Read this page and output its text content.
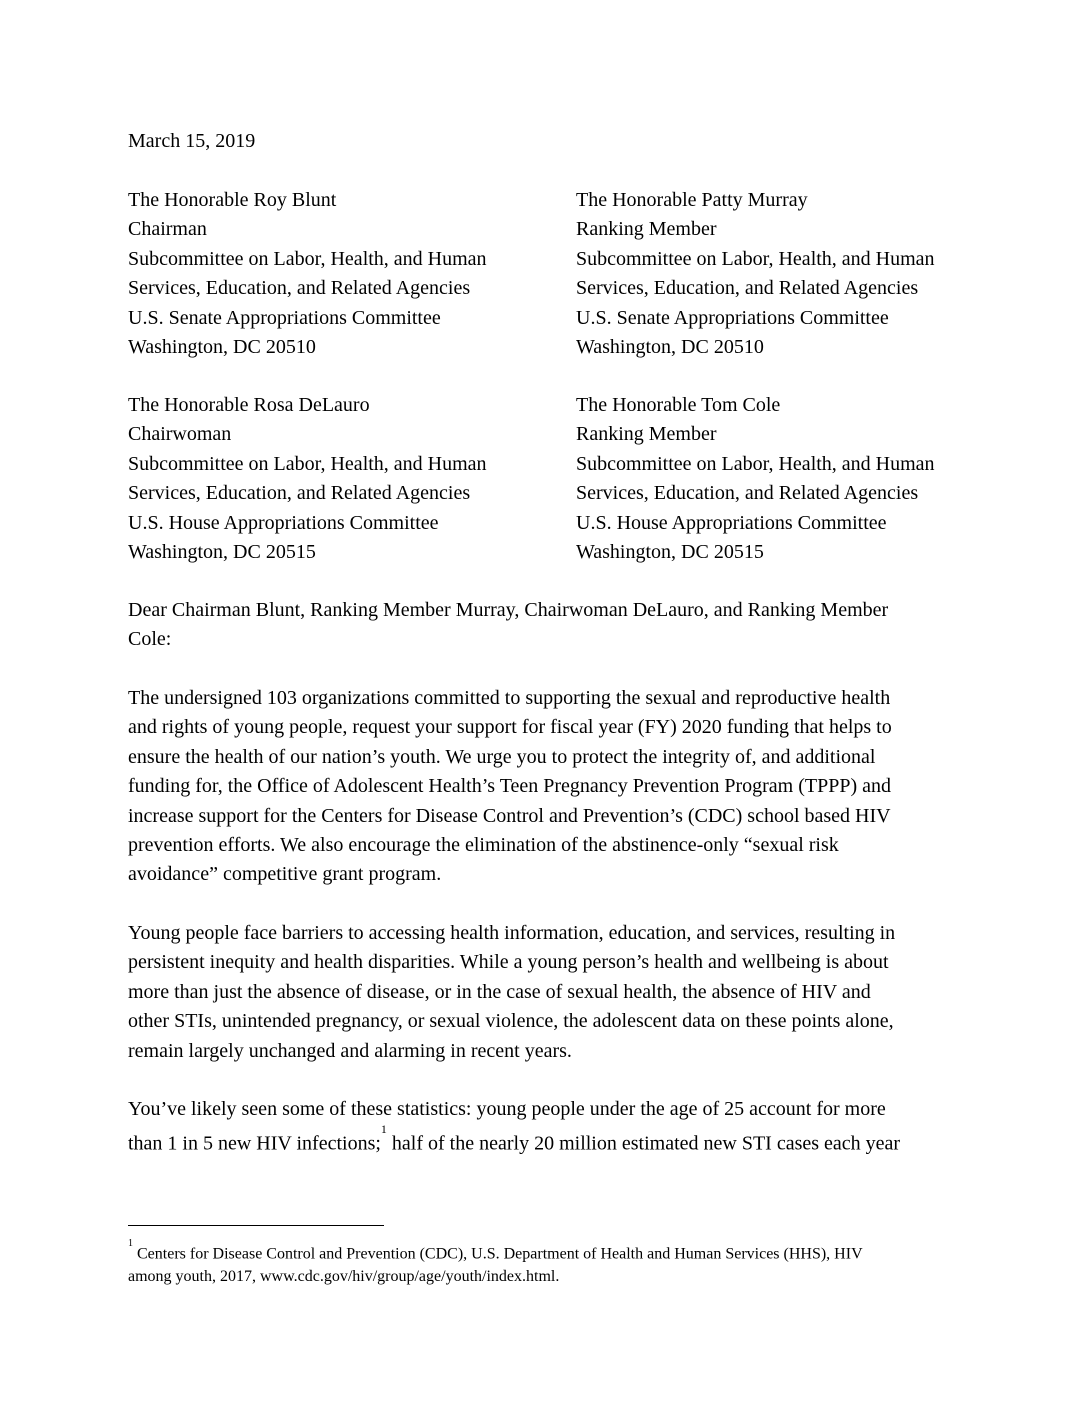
March 15, 2019
The Honorable Roy Blunt
Chairman
Subcommittee on Labor, Health, and Human
Services, Education, and Related Agencies
U.S. Senate Appropriations Committee
Washington, DC 20510
The Honorable Patty Murray
Ranking Member
Subcommittee on Labor, Health, and Human
Services, Education, and Related Agencies
U.S. Senate Appropriations Committee
Washington, DC 20510
The Honorable Rosa DeLauro
Chairwoman
Subcommittee on Labor, Health, and Human
Services, Education, and Related Agencies
U.S. House Appropriations Committee
Washington, DC 20515
The Honorable Tom Cole
Ranking Member
Subcommittee on Labor, Health, and Human
Services, Education, and Related Agencies
U.S. House Appropriations Committee
Washington, DC 20515
Dear Chairman Blunt, Ranking Member Murray, Chairwoman DeLauro, and Ranking Member
Cole:
The undersigned 103 organizations committed to supporting the sexual and reproductive health
and rights of young people, request your support for fiscal year (FY) 2020 funding that helps to
ensure the health of our nation’s youth. We urge you to protect the integrity of, and additional
funding for, the Office of Adolescent Health’s Teen Pregnancy Prevention Program (TPPP) and
increase support for the Centers for Disease Control and Prevention’s (CDC) school based HIV
prevention efforts. We also encourage the elimination of the abstinence-only “sexual risk
avoidance” competitive grant program.
Young people face barriers to accessing health information, education, and services, resulting in
persistent inequity and health disparities. While a young person’s health and wellbeing is about
more than just the absence of disease, or in the case of sexual health, the absence of HIV and
other STIs, unintended pregnancy, or sexual violence, the adolescent data on these points alone,
remain largely unchanged and alarming in recent years.
You’ve likely seen some of these statistics: young people under the age of 25 account for more
than 1 in 5 new HIV infections;$^1$ half of the nearly 20 million estimated new STI cases each year
$^1$ Centers for Disease Control and Prevention (CDC), U.S. Department of Health and Human Services (HHS), HIV
among youth, 2017, www.cdc.gov/hiv/group/age/youth/index.html.
